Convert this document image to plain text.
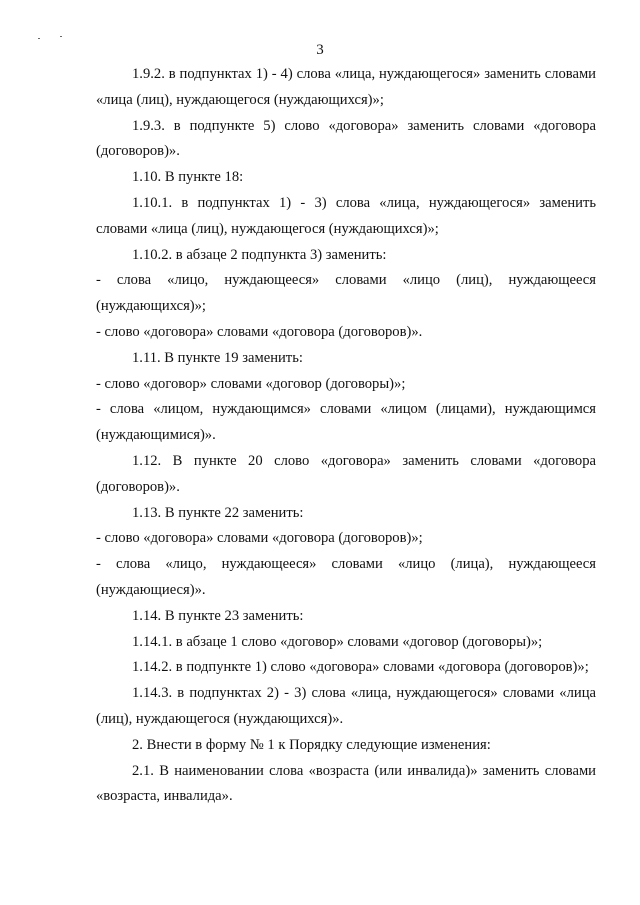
3

1.9.2. в подпунктах 1) - 4) слова «лица, нуждающегося» заменить словами «лица (лиц), нуждающегося (нуждающихся)»;

1.9.3. в подпункте 5) слово «договора» заменить словами «договора (договоров)».

1.10. В пункте 18:

1.10.1. в подпунктах 1) - 3) слова «лица, нуждающегося» заменить словами «лица (лиц), нуждающегося (нуждающихся)»;

1.10.2. в абзаце 2 подпункта 3) заменить:

- слова «лицо, нуждающееся» словами «лицо (лиц), нуждающееся (нуждающихся)»;

- слово «договора» словами «договора (договоров)».

1.11. В пункте 19 заменить:

- слово «договор» словами «договор (договоры)»;

- слова «лицом, нуждающимся» словами «лицом (лицами), нуждающимся (нуждающимися)».

1.12. В пункте 20 слово «договора» заменить словами «договора (договоров)».

1.13. В пункте 22 заменить:

- слово «договора» словами «договора (договоров)»;

- слова «лицо, нуждающееся» словами «лицо (лица), нуждающееся (нуждающиеся)».

1.14. В пункте 23 заменить:

1.14.1. в абзаце 1 слово «договор» словами «договор (договоры)»;

1.14.2. в подпункте 1) слово «договора» словами «договора (договоров)»;

1.14.3. в подпунктах 2) - 3) слова «лица, нуждающегося» словами «лица (лиц), нуждающегося (нуждающихся)».

2. Внести в форму № 1 к Порядку следующие изменения:

2.1. В наименовании слова «возраста (или инвалида)» заменить словами «возраста, инвалида».
